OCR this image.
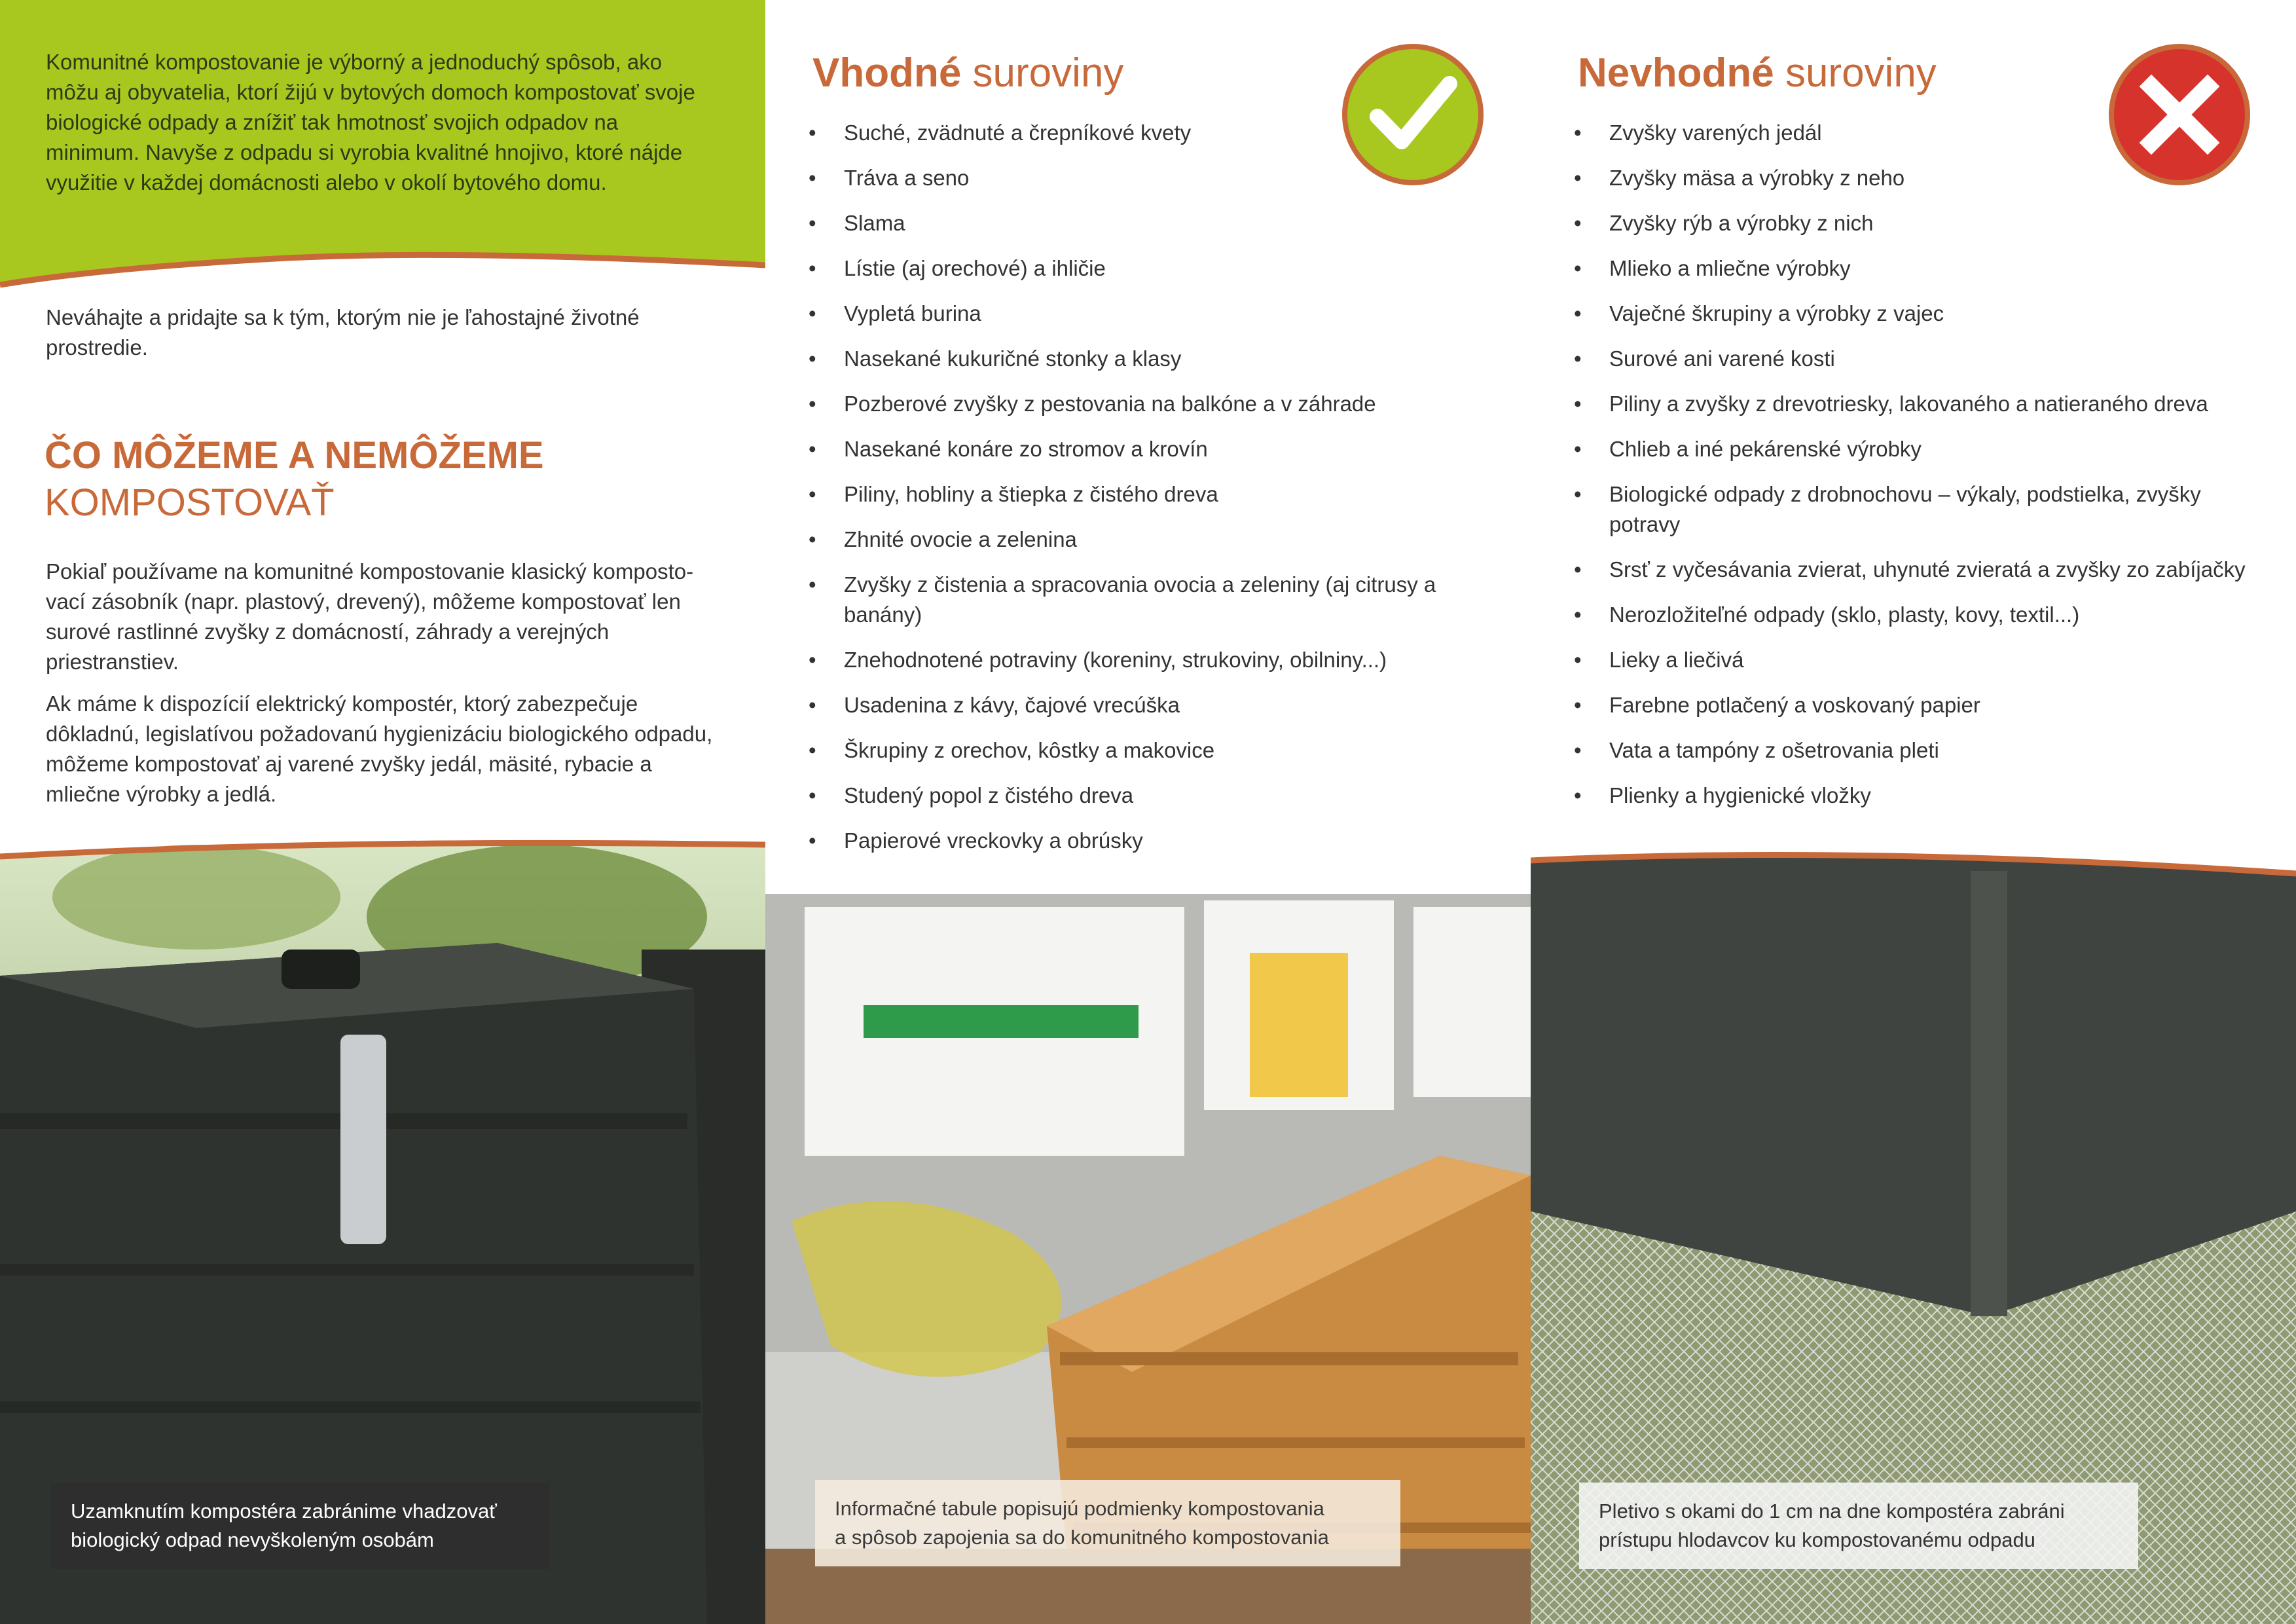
Komunitné kompostovanie je výborný a jednoduchý spôsob, ako môžu aj obyvatelia, ktorí žijú v bytových domoch kompostovať svoje biologické odpady a znížiť tak hmotnosť svojich odpadov na minimum. Navyše z odpadu si vyrobia kvalitné hnojivo, ktoré nájde využitie v každej domácnosti alebo v okolí bytového domu.

Neváhajte a pridajte sa k tým, ktorým nie je ľahostajné životné prostredie.

ČO MÔŽEME A NEMÔŽEME
KOMPOSTOVAŤ

Pokiaľ používame na komunitné kompostovanie klasický komposto-vací zásobník (napr. plastový, drevený), môžeme kompostovať len surové rastlinné zvyšky z domácností, záhrady a verejných priestranstiev.

Ak máme k dispozícií elektrický kompostér, ktorý zabezpečuje dôkladnú, legislatívou požadovanú hygienizáciu biologického odpadu, môžeme kompostovať aj varené zvyšky jedál, mäsité, rybacie a mliečne výrobky a jedlá.

Uzamknutím kompostéra zabránime vhadzovať
biologický odpad nevyškoleným osobám
Vhodné suroviny
• Suché, zvädnuté a črepníkové kvety
• Tráva a seno
• Slama
• Lístie (aj orechové) a ihličie
• Vypletá burina
• Nasekané kukuričné stonky a klasy
• Pozberové zvyšky z pestovania na balkóne a v záhrade
• Nasekané konáre zo stromov a krovín
• Piliny, hobliny a štiepka z čistého dreva
• Zhnité ovocie a zelenina
• Zvyšky z čistenia a spracovania ovocia a zeleniny (aj citrusy a banány)
• Znehodnotené potraviny (koreniny, strukoviny, obilniny...)
• Usadenina z kávy, čajové vrecúška
• Škrupiny z orechov, kôstky a makovice
• Studený popol z čistého dreva
• Papierové vreckovky a obrúsky
Informačné tabule popisujú podmienky kompostovania
a spôsob zapojenia sa do komunitného kompostovania
Nevhodné suroviny
• Zvyšky varených jedál
• Zvyšky mäsa a výrobky z neho
• Zvyšky rýb a výrobky z nich
• Mlieko a mliečne výrobky
• Vaječné škrupiny a výrobky z vajec
• Surové ani varené kosti
• Piliny a zvyšky z drevotriesky, lakovaného a natieraného dreva
• Chlieb a iné pekárenské výrobky
• Biologické odpady z drobnochovu – výkaly, podstielka, zvyšky potravy
• Srsť z vyčesávania zvierat, uhynuté zvieratá a zvyšky zo zabíjačky
• Nerozložiteľné odpady (sklo, plasty, kovy, textil...)
• Lieky a liečivá
• Farebne potlačený a voskovaný papier
• Vata a tampóny z ošetrovania pleti
• Plienky a hygienické vložky
Pletivo s okami do 1 cm na dne kompostéra zabráni
prístupu hlodavcov ku kompostovanému odpadu
